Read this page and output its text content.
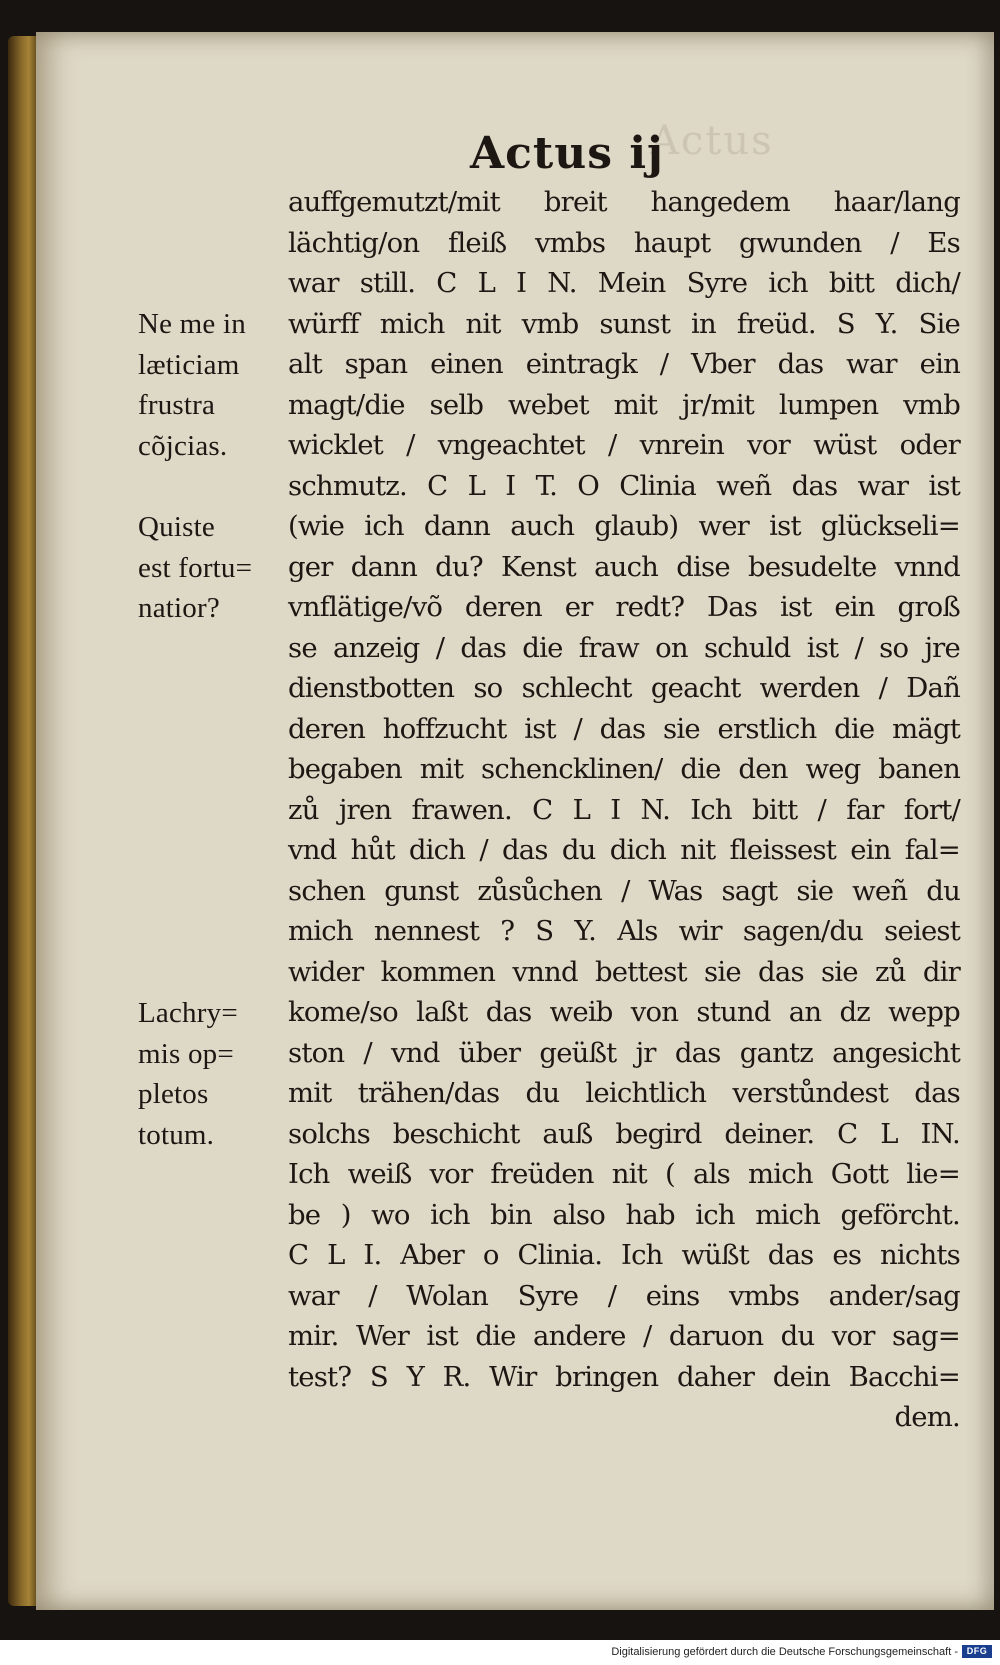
Actus
Actus ij
auffgemutzt/mit breit hangedem haar/lang
lächtig/on fleiß vmbs haupt gwunden / Es
war still. C L I N. Mein Syre ich bitt dich/
würff mich nit vmb sunst in freüd. S Y. Sie
alt span einen eintragk / Vber das war ein
magt/die selb webet mit jr/mit lumpen vmb
wicklet / vngeachtet / vnrein vor wüst oder
schmutz. C L I T. O Clinia weñ das war ist
(wie ich dann auch glaub) wer ist glückseli=
ger dann du? Kenst auch dise besudelte vnnd
vnflätige/võ deren er redt? Das ist ein groß
se anzeig / das die fraw on schuld ist / so jre
dienstbotten so schlecht geacht werden / Dañ
deren hoffzucht ist / das sie erstlich die mägt
begaben mit schencklinen/ die den weg banen
zů jren frawen. C L I N. Ich bitt / far fort/
vnd hůt dich / das du dich nit fleissest ein fal=
schen gunst zůsůchen / Was sagt sie weñ du
mich nennest ? S Y. Als wir sagen/du seiest
wider kommen vnnd bettest sie das sie zů dir
kome/so laßt das weib von stund an dz wepp
ston / vnd über geüßt jr das gantz angesicht
mit trähen/das du leichtlich verstůndest das
solchs beschicht auß begird deiner. C L IN.
Ich weiß vor freüden nit ( als mich Gott lie=
be ) wo ich bin also hab ich mich geförcht.
C L I. Aber o Clinia. Ich wüßt das es nichts
war / Wolan Syre / eins vmbs ander/sag
mir. Wer ist die andere / daruon du vor sag=
test? S Y R. Wir bringen daher dein Bacchi=
dem.
Ne me in
læticiam
frustra
cõjcias.
Quiste
est fortu=
natior?
Lachry=
mis op=
pletos
totum.
Digitalisierung gefördert durch die Deutsche Forschungsgemeinschaft - DFG
